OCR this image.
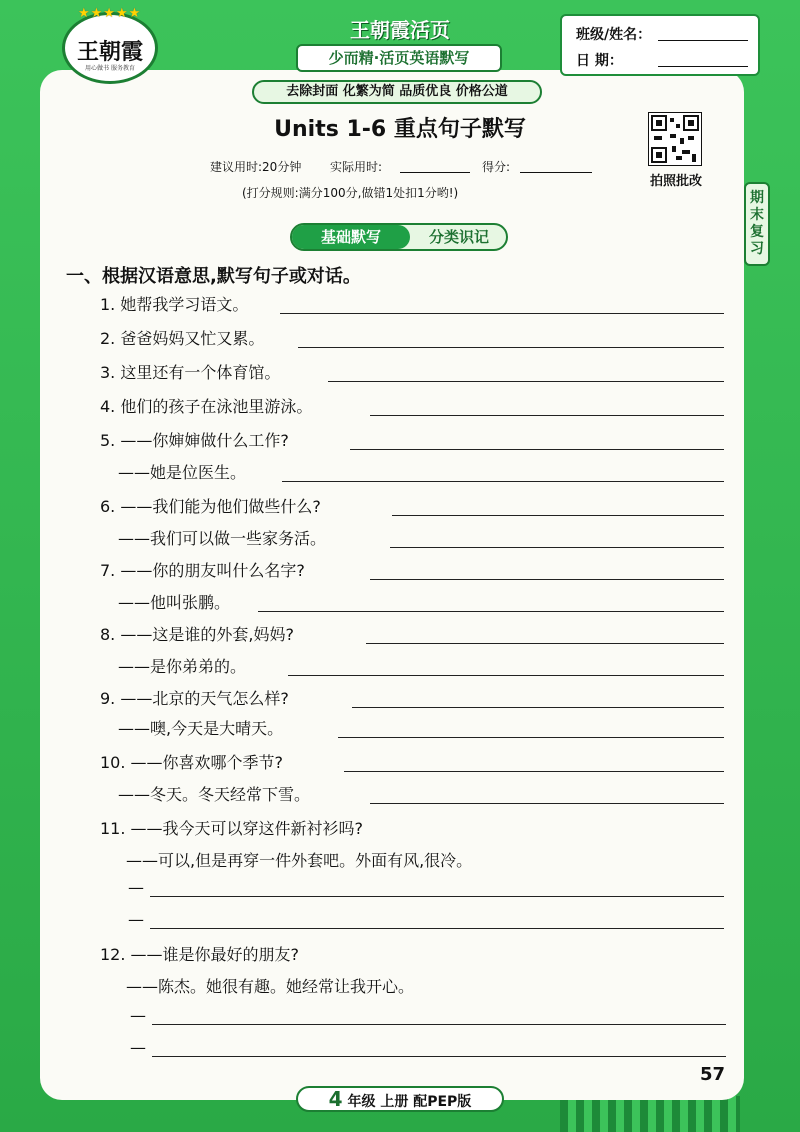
王朝霞
用心做书 服务教育
★★★★★
王朝霞活页
少而精·活页英语默写
去除封面 化繁为简 品质优良 价格公道
班级/姓名：
日 期：
Units 1-6 重点句子默写
拍照批改
建议用时:20分钟 实际用时:	得分:
(打分规则:满分100分,做错1处扣1分哟!)
基础默写	分类识记
期末复习
一、根据汉语意思,默写句子或对话。
1. 她帮我学习语文。
2. 爸爸妈妈又忙又累。
3. 这里还有一个体育馆。
4. 他们的孩子在泳池里游泳。
5. ——你婶婶做什么工作?
——她是位医生。
6. ——我们能为他们做些什么?
——我们可以做一些家务活。
7. ——你的朋友叫什么名字?
——他叫张鹏。
8. ——这是谁的外套,妈妈?
——是你弟弟的。
9. ——北京的天气怎么样?
——噢,今天是大晴天。
10. ——你喜欢哪个季节?
——冬天。冬天经常下雪。
11. ——我今天可以穿这件新衬衫吗?
——可以,但是再穿一件外套吧。外面有风,很冷。
—
—
12. ——谁是你最好的朋友?
——陈杰。她很有趣。她经常让我开心。
—
—
57
4 年级 上册 配PEP版
